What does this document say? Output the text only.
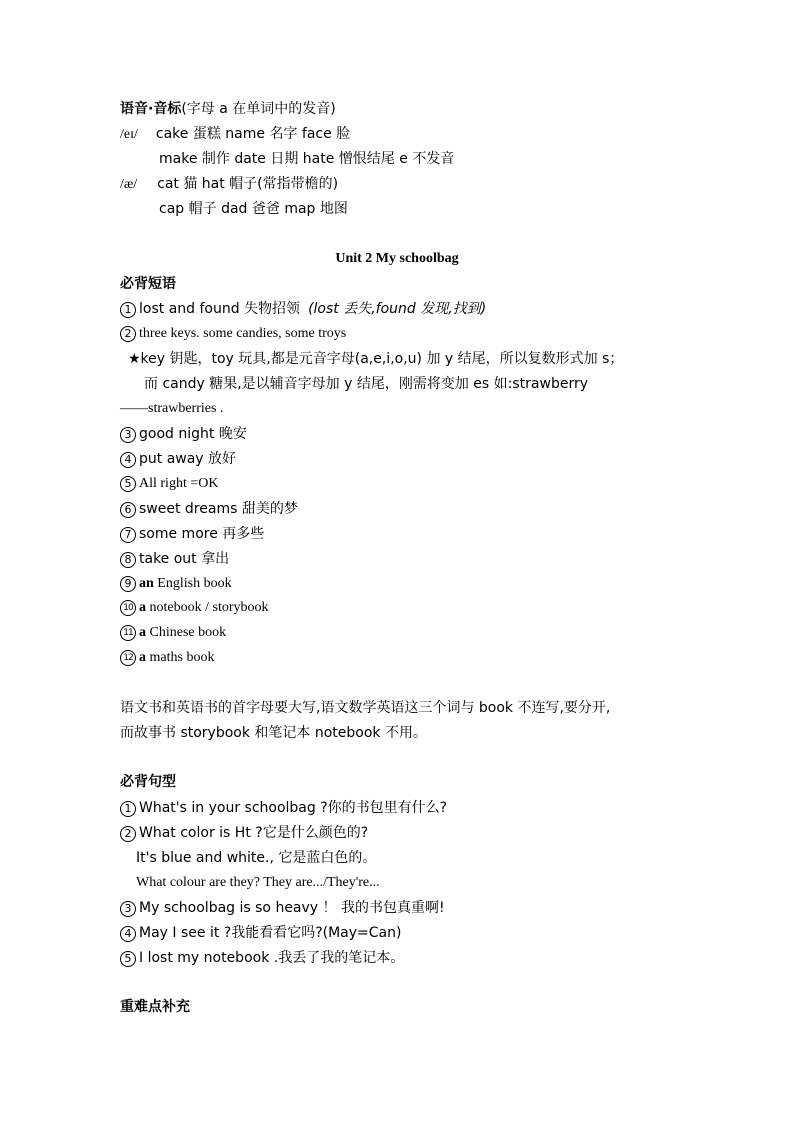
语音·音标(字母 a 在单词中的发音)
/eɪ/ cake 蛋糕 name 名字 face 脸
make 制作 date 日期 hate 憎恨结尾 e 不发音
/æ/ cat 猫 hat 帽子(常指带檐的)
cap 帽子 dad 爸爸 map 地图
Unit 2 My schoolbag
必背短语
1 lost and found 失物招领 (lost 丢失,found 发现,找到)
2 three keys. some candies, some troys
★key 钥匙，toy 玩具,都是元音字母(a,e,i,o,u) 加 y 结尾，所以复数形式加 s；
而 candy 糖果,是以辅音字母加 y 结尾，刚需将变加 es 如:strawberry
——strawberries .
3 good night 晚安
4 put away 放好
5 All right =OK
6 sweet dreams 甜美的梦
7 some more 再多些
8 take out 拿出
9 an English book
10 a notebook / storybook
11 a Chinese book
12 a maths book
语文书和英语书的首字母要大写,语文数学英语这三个词与 book 不连写,要分开,
而故事书 storybook 和笔记本 notebook 不用。
必背句型
1 What's in your schoolbag ?你的书包里有什么?
2 What color is Ht ?它是什么颜色的?
It's blue and white., 它是蓝白色的。
What colour are they? They are.../They're...
3 My schoolbag is so heavy ！ 我的书包真重啊!
4 May I see it ?我能看看它吗?(May=Can)
5 I lost my notebook .我丢了我的笔记本。
重难点补充
